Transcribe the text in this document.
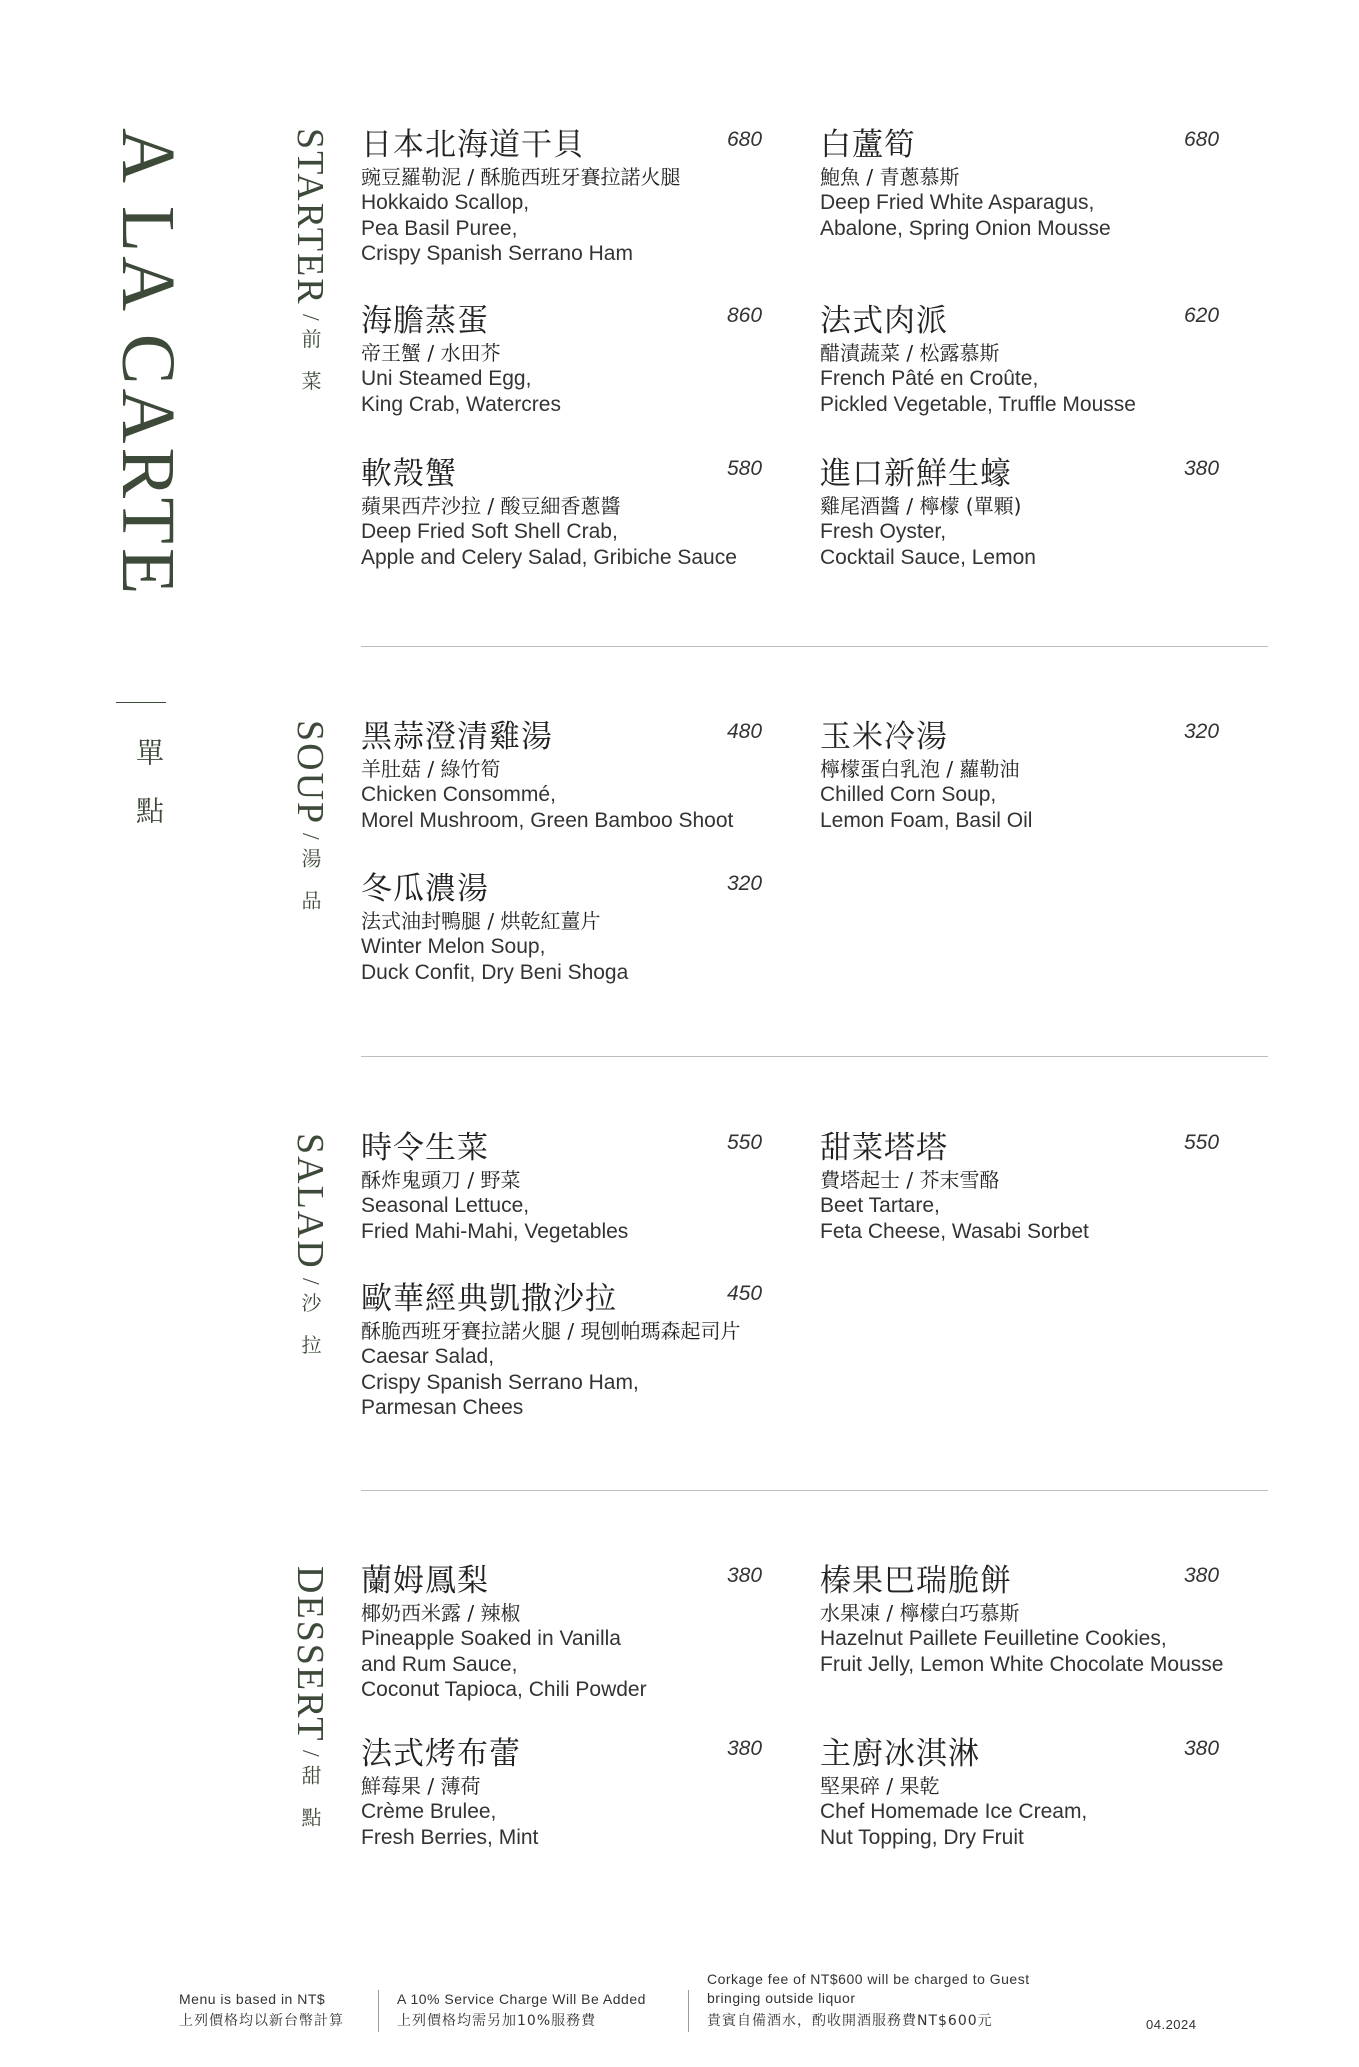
A LA CARTE
單點
STARTER/前菜
SOUP/湯品
SALAD/沙拉
DESSERT/甜點
日本北海道干貝
豌豆羅勒泥 / 酥脆西班牙賽拉諾火腿
Hokkaido Scallop,
Pea Basil Puree,
Crispy Spanish Serrano Ham
680 白蘆筍
鮑魚 / 青蔥慕斯
Deep Fried White Asparagus,
Abalone, Spring Onion Mousse
680
海膽蒸蛋
帝王蟹 / 水田芥
Uni Steamed Egg,
King Crab, Watercres
860 法式肉派
醋漬蔬菜 / 松露慕斯
French Pâté en Croûte,
Pickled Vegetable, Truffle Mousse
620
軟殼蟹
蘋果西芹沙拉 / 酸豆細香蔥醬
Deep Fried Soft Shell Crab,
Apple and Celery Salad, Gribiche Sauce
580 進口新鮮生蠔
雞尾酒醬 / 檸檬 (單顆)
Fresh Oyster,
Cocktail Sauce, Lemon
380
黑蒜澄清雞湯
羊肚菇 / 綠竹筍
Chicken Consommé,
Morel Mushroom, Green Bamboo Shoot
480 玉米冷湯
檸檬蛋白乳泡 / 蘿勒油
Chilled Corn Soup,
Lemon Foam, Basil Oil
320
冬瓜濃湯
法式油封鴨腿 / 烘乾紅薑片
Winter Melon Soup,
Duck Confit, Dry Beni Shoga
320
時令生菜
酥炸鬼頭刀 / 野菜
Seasonal Lettuce,
Fried Mahi-Mahi, Vegetables
550 甜菜塔塔
費塔起士 / 芥末雪酪
Beet Tartare,
Feta Cheese, Wasabi Sorbet
550
歐華經典凱撒沙拉
酥脆西班牙賽拉諾火腿 / 現刨帕瑪森起司片
Caesar Salad,
Crispy Spanish Serrano Ham,
Parmesan Chees
450
蘭姆鳳梨
椰奶西米露 / 辣椒
Pineapple Soaked in Vanilla
and Rum Sauce,
Coconut Tapioca, Chili Powder
380 榛果巴瑞脆餅
水果凍 / 檸檬白巧慕斯
Hazelnut Paillete Feuilletine Cookies,
Fruit Jelly, Lemon White Chocolate Mousse
380
法式烤布蕾
鮮莓果 / 薄荷
Crème Brulee,
Fresh Berries, Mint
380 主廚冰淇淋
堅果碎 / 果乾
Chef Homemade Ice Cream,
Nut Topping, Dry Fruit
380
Menu is based in NT$
上列價格均以新台幣計算
A 10% Service Charge Will Be Added
上列價格均需另加10%服務費
Corkage fee of NT$600 will be charged to Guest
bringing outside liquor
貴賓自備酒水，酌收開酒服務費NT$600元	04.2024
